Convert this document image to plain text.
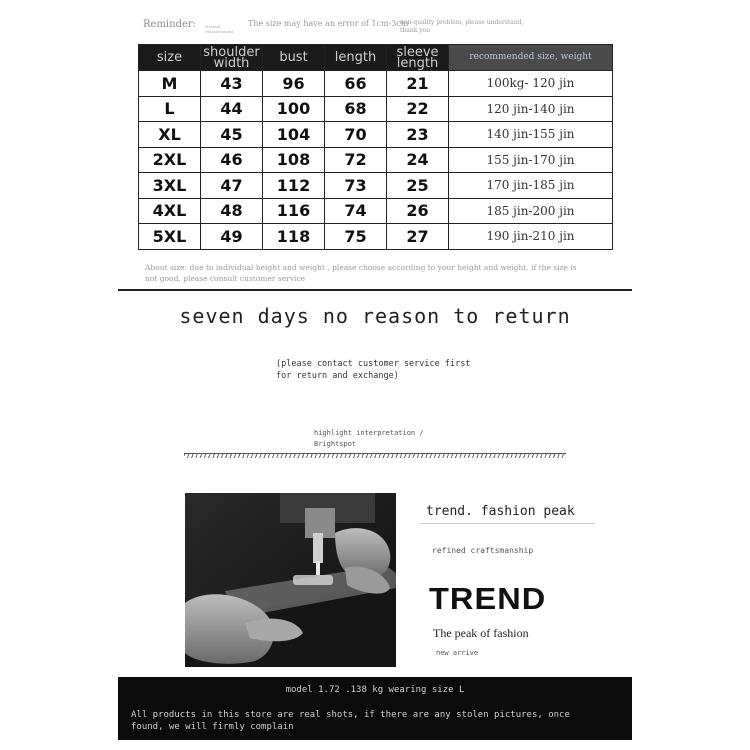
Reminder: Normal Measurement
The size may have an error of 1cm-3cm
non-quality problem, please understand, thank you
size	shoulder width	bust	length	sleeve length	recommended size, weight
M	43	96	66	21	100kg- 120 jin
L	44	100	68	22	120 jin-140 jin
XL	45	104	70	23	140 jin-155 jin
2XL	46	108	72	24	155 jin-170 jin
3XL	47	112	73	25	170 jin-185 jin
4XL	48	116	74	26	185 jin-200 jin
5XL	49	118	75	27	190 jin-210 jin
About size: due to individual height and weight , please choose according to your height and weight. if the size is not good, please consult customer service
seven days no reason to return
(please contact customer service first for return and exchange)
highlight interpretation / Brightspot
trend. fashion peak
refined craftsmanship
TREND
The peak of fashion
new arrive
model 1.72 .138 kg wearing size L
All products in this store are real shots, if there are any stolen pictures, once found, we will firmly complain
